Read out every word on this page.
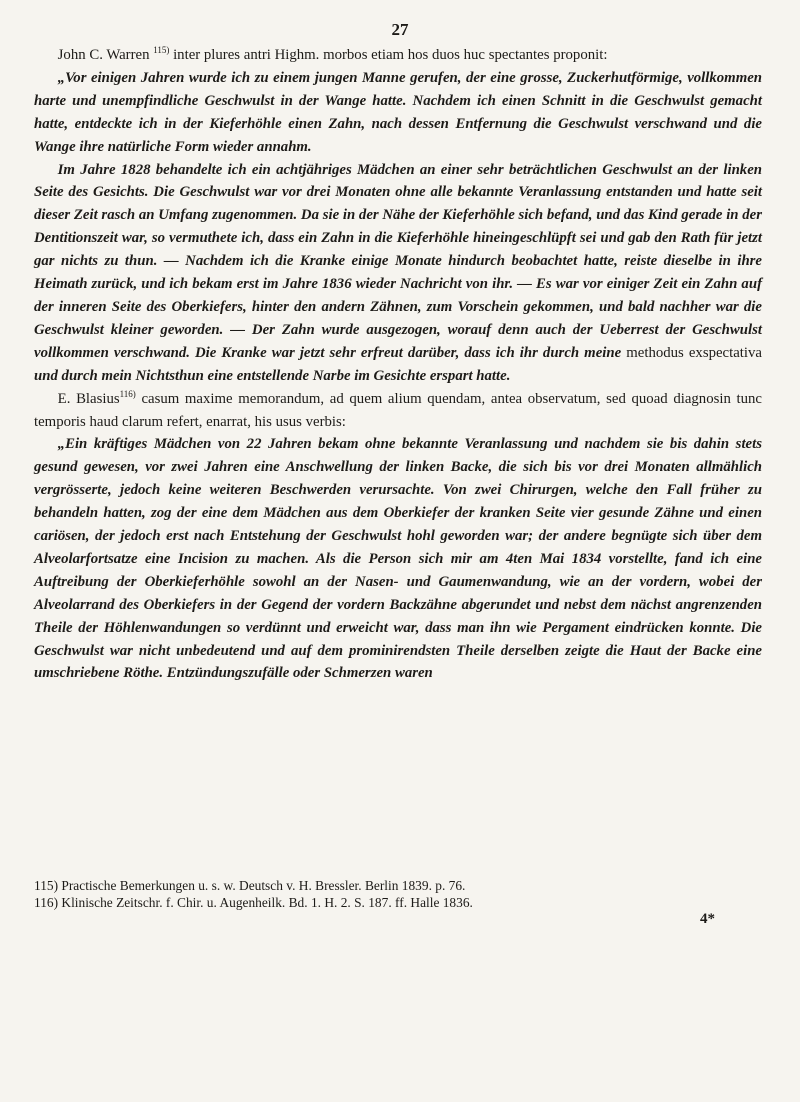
27

John C. Warren $^{115)}$ inter plures antri Highm. morbos etiam hos duos huc spectantes proponit:

„Vor einigen Jahren wurde ich zu einem jungen Manne gerufen, der eine grosse, Zuckerhutförmige, vollkommen harte und unempfindliche Geschwulst in der Wange hatte. Nachdem ich einen Schnitt in die Geschwulst gemacht hatte, entdeckte ich in der Kieferhöhle einen Zahn, nach dessen Entfernung die Geschwulst verschwand und die Wange ihre natürliche Form wieder annahm.

Im Jahre 1828 behandelte ich ein achtjähriges Mädchen an einer sehr beträchtlichen Geschwulst an der linken Seite des Gesichts. Die Geschwulst war vor drei Monaten ohne alle bekannte Veranlassung entstanden und hatte seit dieser Zeit rasch an Umfang zugenommen. Da sie in der Nähe der Kieferhöhle sich befand, und das Kind gerade in der Dentitionszeit war, so vermuthete ich, dass ein Zahn in die Kieferhöhle hineingeschlüpft sei und gab den Rath für jetzt gar nichts zu thun. — Nachdem ich die Kranke einige Monate hindurch beobachtet hatte, reiste dieselbe in ihre Heimath zurück, und ich bekam erst im Jahre 1836 wieder Nachricht von ihr. — Es war vor einiger Zeit ein Zahn auf der inneren Seite des Oberkiefers, hinter den andern Zähnen, zum Vorschein gekommen, und bald nachher war die Geschwulst kleiner geworden. — Der Zahn wurde ausgezogen, worauf denn auch der Ueberrest der Geschwulst vollkommen verschwand. Die Kranke war jetzt sehr erfreut darüber, dass ich ihr durch meine methodus exspectativa und durch mein Nichtsthun eine entstellende Narbe im Gesichte erspart hatte.

E. Blasius$^{116)}$ casum maxime memorandum, ad quem alium quendam, antea observatum, sed quoad diagnosin tunc temporis haud clarum refert, enarrat, his usus verbis:

„Ein kräftiges Mädchen von 22 Jahren bekam ohne bekannte Veranlassung und nachdem sie bis dahin stets gesund gewesen, vor zwei Jahren eine Anschwellung der linken Backe, die sich bis vor drei Monaten allmählich vergrösserte, jedoch keine weiteren Beschwerden verursachte. Von zwei Chirurgen, welche den Fall früher zu behandeln hatten, zog der eine dem Mädchen aus dem Oberkiefer der kranken Seite vier gesunde Zähne und einen cariösen, der jedoch erst nach Entstehung der Geschwulst hohl geworden war; der andere begnügte sich über dem Alveolarfortsatze eine Incision zu machen. Als die Person sich mir am 4ten Mai 1834 vorstellte, fand ich eine Auftreibung der Oberkieferhöhle sowohl an der Nasen- und Gaumenwandung, wie an der vordern, wobei der Alveolarrand des Oberkiefers in der Gegend der vordern Backzähne abgerundet und nebst dem nächst angrenzenden Theile der Höhlenwandungen so verdünnt und erweicht war, dass man ihn wie Pergament eindrücken konnte. Die Geschwulst war nicht unbedeutend und auf dem prominirendsten Theile derselben zeigte die Haut der Backe eine umschriebene Röthe. Entzündungszufälle oder Schmerzen waren

115) Practische Bemerkungen u. s. w. Deutsch v. H. Bressler. Berlin 1839. p. 76.

116) Klinische Zeitschr. f. Chir. u. Augenheilk. Bd. 1. H. 2. S. 187. ff. Halle 1836.

4*
